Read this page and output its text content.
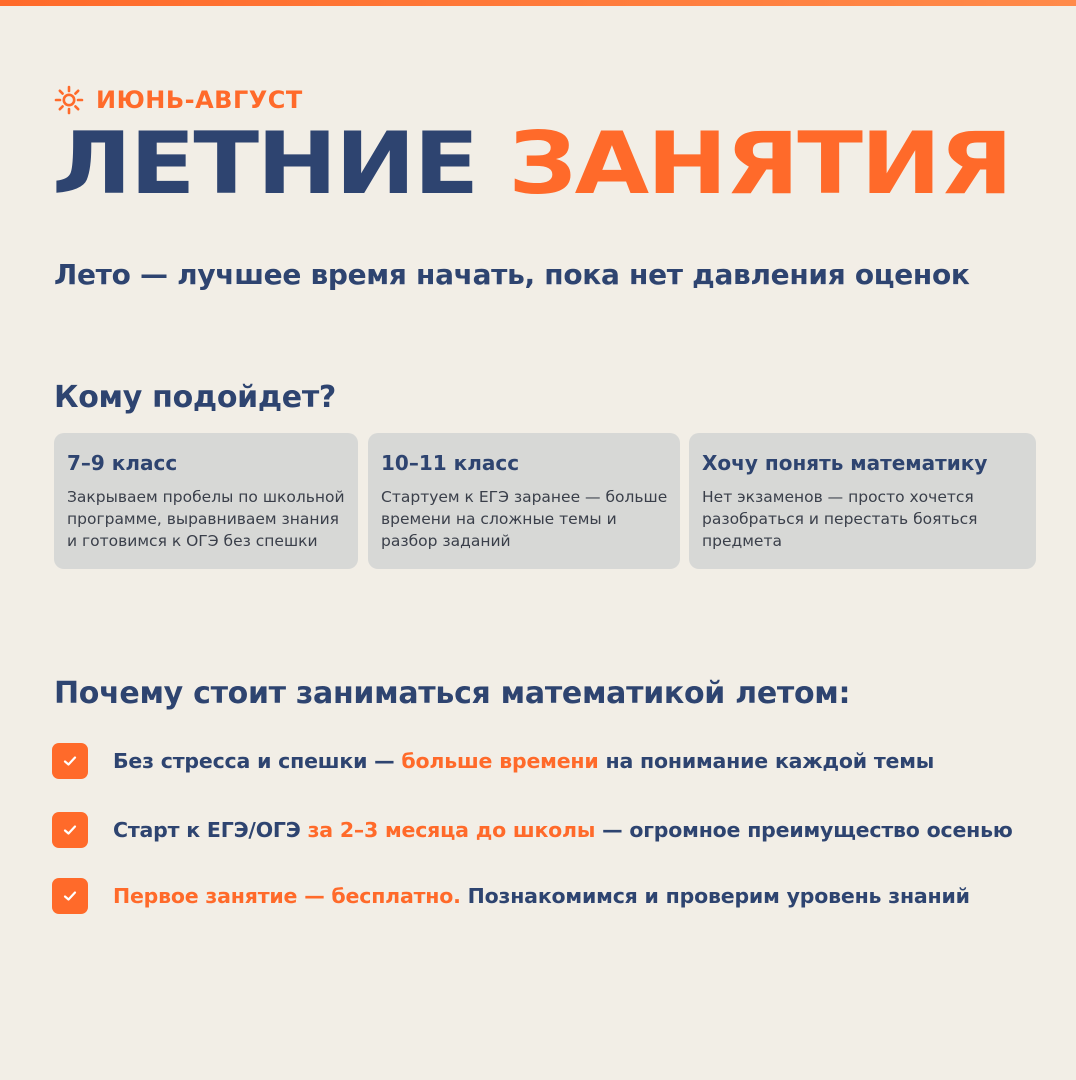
ИЮНЬ-АВГУСТ
ЛЕТНИЕ ЗАНЯТИЯ
Лето — лучшее время начать, пока нет давления оценок
Кому подойдет?

7–9 класс

Закрываем пробелы по школьной программе, выравниваем знания и готовимся к ОГЭ без спешки

10–11 класс

Стартуем к ЕГЭ заранее — больше времени на сложные темы и разбор заданий

Хочу понять математику

Нет экзаменов — просто хочется разобраться и перестать бояться предмета

Почему стоит заниматься математикой летом:
Без стресса и спешки — больше времени на понимание каждой темы
Старт к ЕГЭ/ОГЭ за 2–3 месяца до школы — огромное преимущество осенью
Первое занятие — бесплатно. Познакомимся и проверим уровень знаний
